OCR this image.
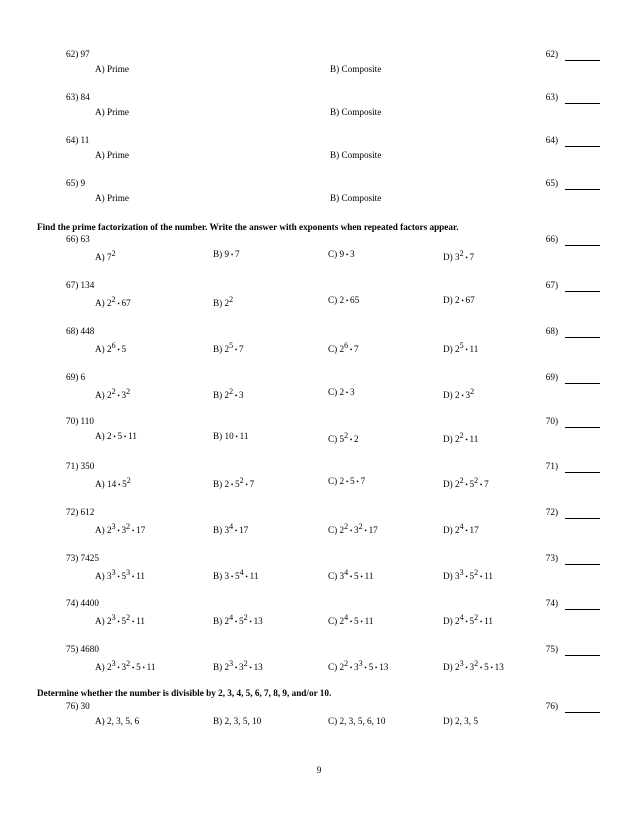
Find the prime factorization of the number. Write the answer with exponents when repeated factors appear.
Determine whether the number is divisible by 2, 3, 4, 5, 6, 7, 8, 9, and/or 10.
62) 97	62)
A) Prime	B) Composite
63) 84	63)
A) Prime	B) Composite
64) 11	64)
A) Prime	B) Composite
65) 9	65)
A) Prime	B) Composite
66) 63	66)
A) $7^2$	B) 9 • 7	C) 9 • 3	D) $3^2$ • 7
67) 134	67)
A) $2^2$ • 67	B) $2^2$	C) 2 • 65	D) 2 • 67
68) 448	68)
A) $2^6$ • 5	B) $2^5$ • 7	C) $2^6$ • 7	D) $2^5$ • 11
69) 6	69)
A) $2^2$ • $3^2$	B) $2^2$ • 3	C) 2 • 3	D) 2 • $3^2$
70) 110	70)
A) 2 • 5 • 11	B) 10 • 11	C) $5^2$ • 2	D) $2^2$ • 11
71) 350	71)
A) 14 • $5^2$	B) 2 • $5^2$ • 7	C) 2 • 5 • 7	D) $2^2$ • $5^2$ • 7
72) 612	72)
A) $2^3$ • $3^2$ • 17	B) $3^4$ • 17	C) $2^2$ • $3^2$ • 17	D) $2^4$ • 17
73) 7425	73)
A) $3^3$ • $5^3$ • 11	B) 3 • $5^4$ • 11	C) $3^4$ • 5 • 11	D) $3^3$ • $5^2$ • 11
74) 4400	74)
A) $2^3$ • $5^2$ • 11	B) $2^4$ • $5^2$ • 13	C) $2^4$ • 5 • 11	D) $2^4$ • $5^2$ • 11
75) 4680	75)
A) $2^3$ • $3^2$ • 5 • 11	B) $2^3$ • $3^2$ • 13	C) $2^2$ • $3^3$ • 5 • 13	D) $2^3$ • $3^2$ • 5 • 13
76) 30	76)
A) 2, 3, 5, 6	B) 2, 3, 5, 10	C) 2, 3, 5, 6, 10	D) 2, 3, 5
9
